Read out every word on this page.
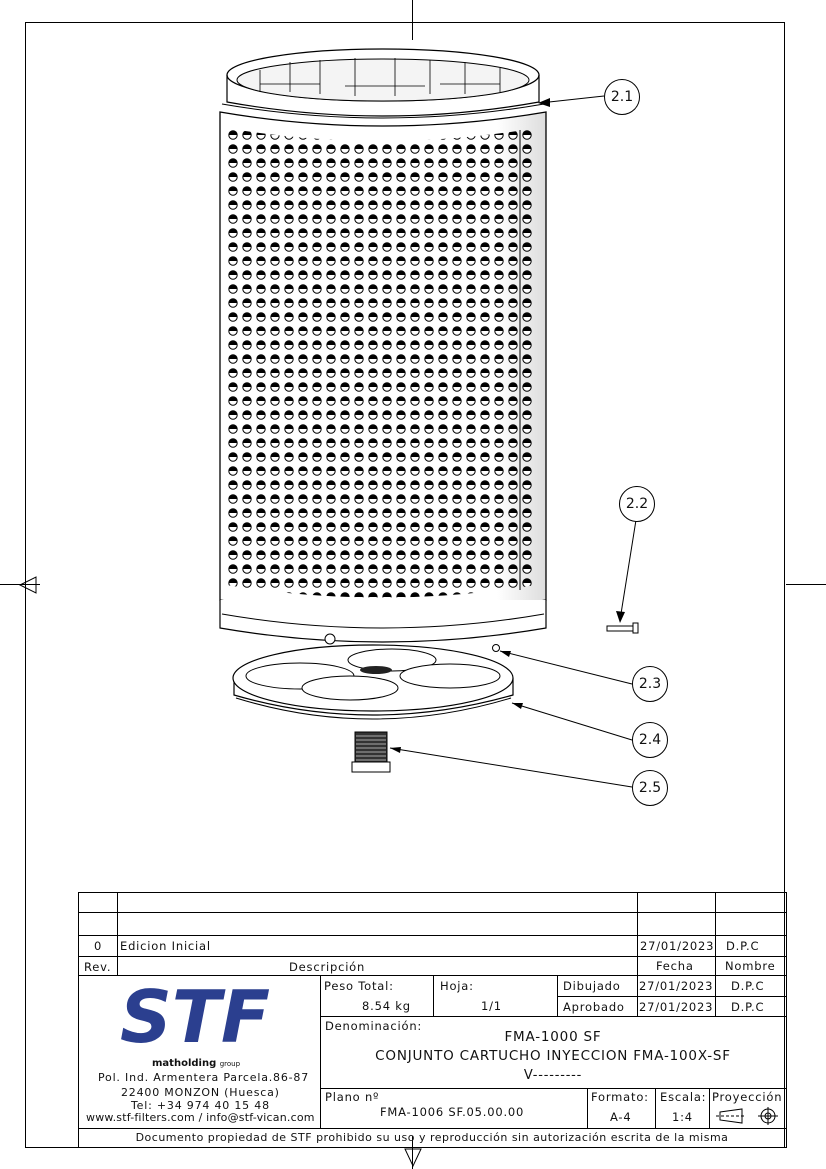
2.1
2.2
2.3
2.4
2.5
0 Edicion Inicial	27/01/2023 D.P.C
Rev.	Descripción	Fecha	Nombre
STF
matholding group
Pol. Ind. Armentera Parcela.86-87
22400 MONZON (Huesca)
Tel: +34 974 40 15 48
www.stf-filters.com / info@stf-vican.com
Peso Total:
8.54 kg
Hoja:
1/1
Dibujado 27/01/2023 D.P.C
Aprobado 27/01/2023 D.P.C
Denominación:
FMA-1000 SF
CONJUNTO CARTUCHO INYECCION FMA-100X-SF
V---------
Plano nº
FMA-1006 SF.05.00.00
Formato:
A-4
Escala:
1:4
Proyección
Documento propiedad de STF prohibido su uso y reproducción sin autorización escrita de la misma
